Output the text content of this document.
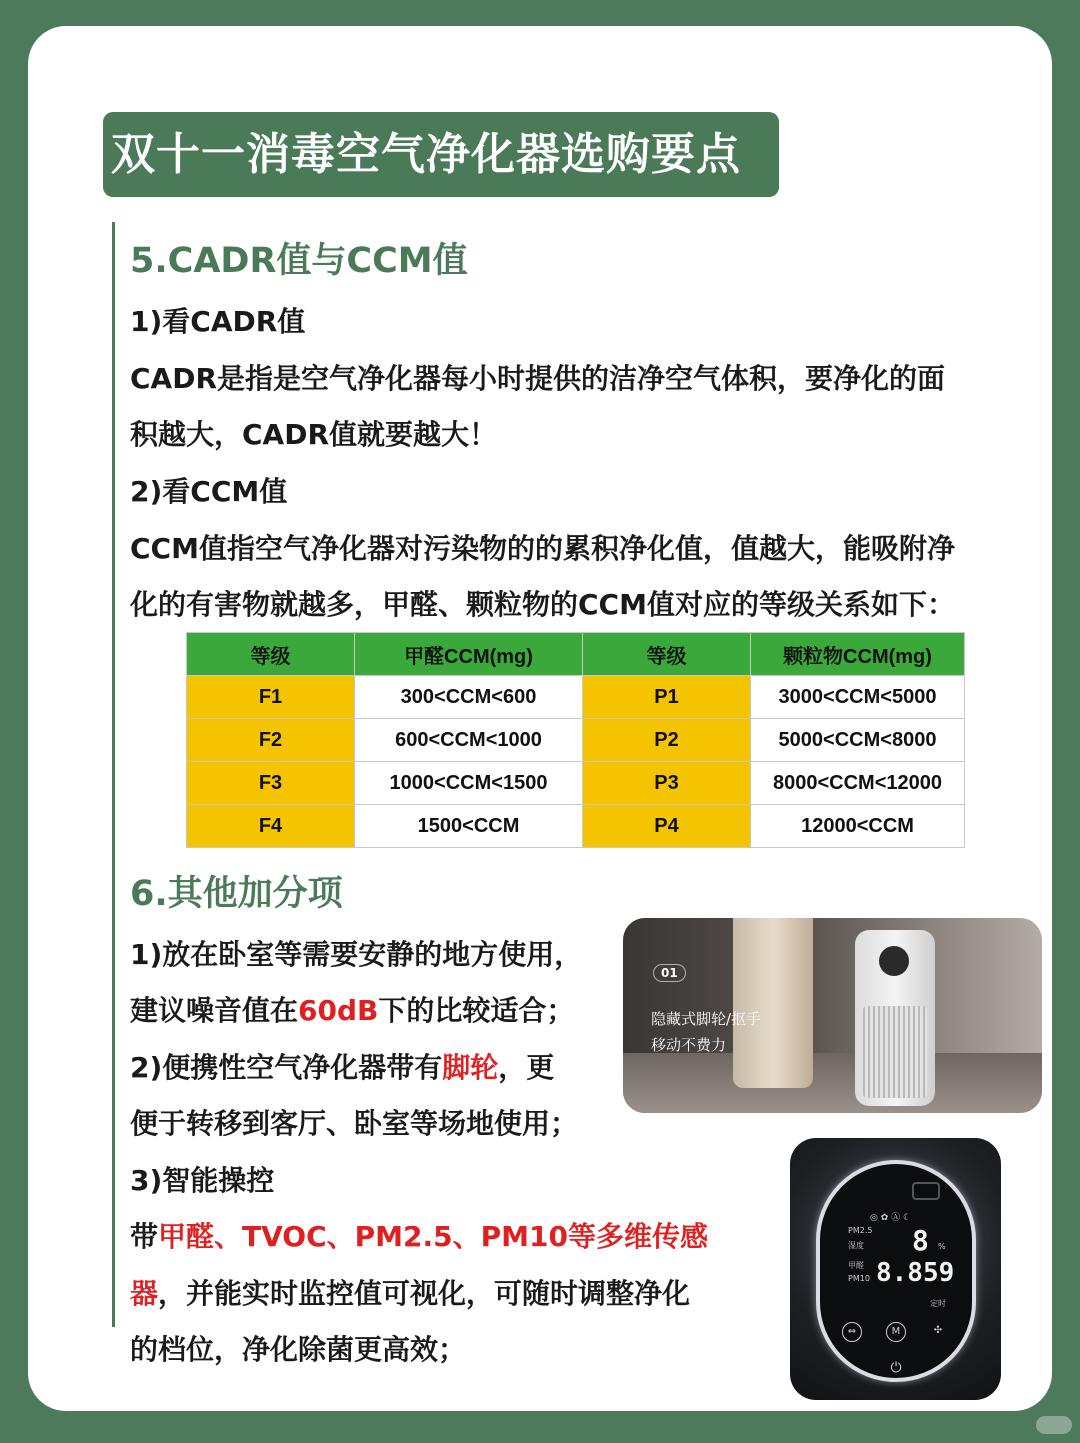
双十一消毒空气净化器选购要点
5.CADR值与CCM值
1)看CADR值
CADR是指是空气净化器每小时提供的洁净空气体积，要净化的面
积越大，CADR值就要越大！
2)看CCM值
CCM值指空气净化器对污染物的的累积净化值，值越大，能吸附净
化的有害物就越多，甲醛、颗粒物的CCM值对应的等级关系如下：
等级	甲醛CCM(mg)	等级	颗粒物CCM(mg)
F1	300<CCM<600	P1	3000<CCM<5000
F2	600<CCM<1000	P2	5000<CCM<8000
F3	1000<CCM<1500	P3	8000<CCM<12000
F4	1500<CCM	P4	12000<CCM
6.其他加分项
1)放在卧室等需要安静的地方使用，
建议噪音值在60dB下的比较适合；
2)便携性空气净化器带有脚轮，更
便于转移到客厅、卧室等场地使用；
3)智能操控
带甲醛、TVOC、PM2.5、PM10等多维传感
器，并能实时监控值可视化，可随时调整净化
的档位，净化除菌更高效；
01
隐藏式脚轮/抠手
移动不费力
◎ ✿ Ⓐ ☾
PM2.5
湿度 8 %
甲醛
PM10 8.859
定时
⇔	M	✣
⏻
